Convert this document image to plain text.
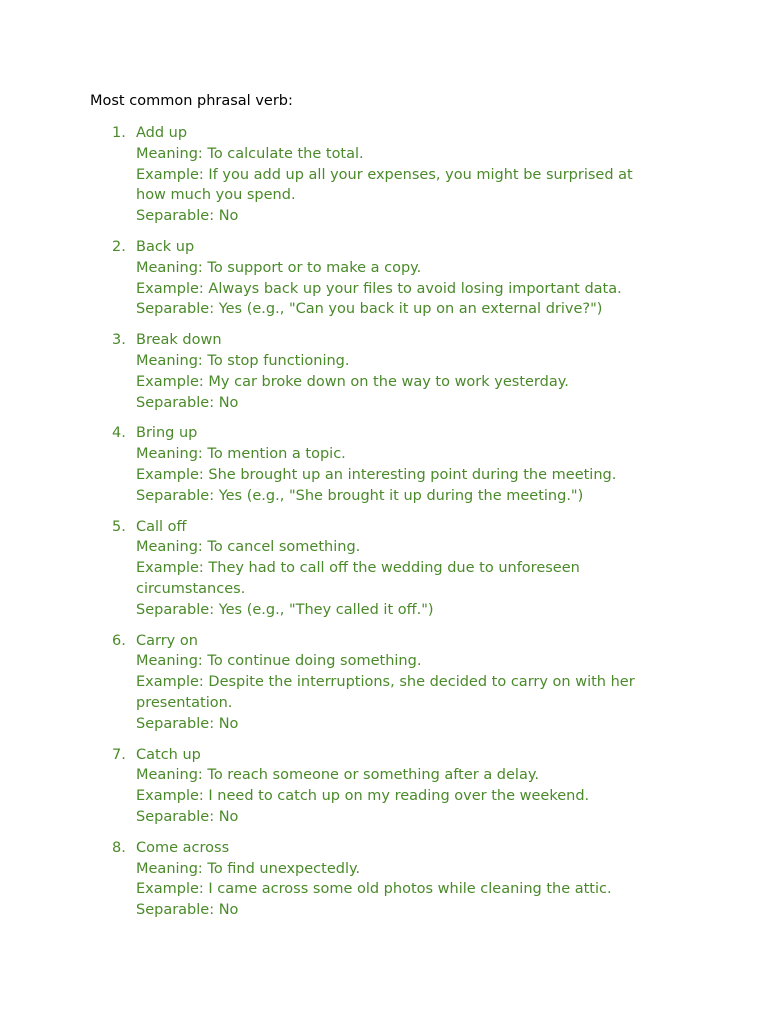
Most common phrasal verb:
1. Add up
Meaning: To calculate the total.
Example: If you add up all your expenses, you might be surprised at how much you spend.
Separable: No
2. Back up
Meaning: To support or to make a copy.
Example: Always back up your files to avoid losing important data.
Separable: Yes (e.g., "Can you back it up on an external drive?")
3. Break down
Meaning: To stop functioning.
Example: My car broke down on the way to work yesterday.
Separable: No
4. Bring up
Meaning: To mention a topic.
Example: She brought up an interesting point during the meeting.
Separable: Yes (e.g., "She brought it up during the meeting.")
5. Call off
Meaning: To cancel something.
Example: They had to call off the wedding due to unforeseen circumstances.
Separable: Yes (e.g., "They called it off.")
6. Carry on
Meaning: To continue doing something.
Example: Despite the interruptions, she decided to carry on with her presentation.
Separable: No
7. Catch up
Meaning: To reach someone or something after a delay.
Example: I need to catch up on my reading over the weekend.
Separable: No
8. Come across
Meaning: To find unexpectedly.
Example: I came across some old photos while cleaning the attic.
Separable: No
